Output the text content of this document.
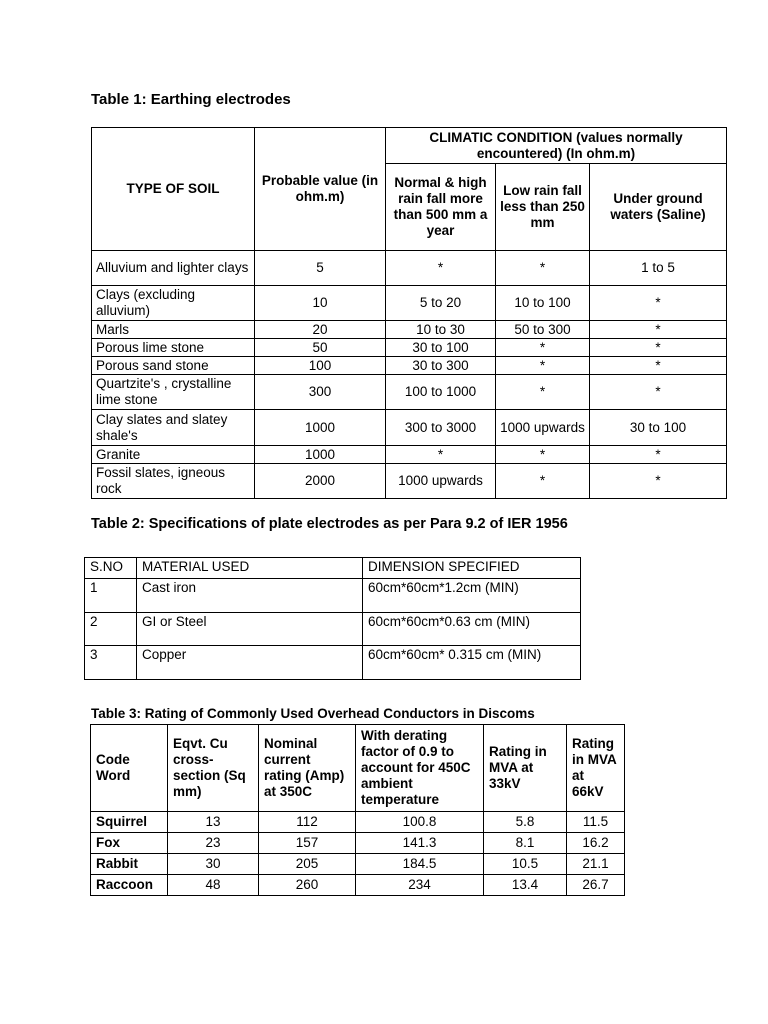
Table 1: Earthing electrodes
TYPE OF SOIL	Probable value (in ohm.m)	CLIMATIC CONDITION (values normally encountered) (In ohm.m)		
		Normal & high rain fall more than 500 mm a year	Low rain fall less than 250 mm	Under ground waters (Saline)
Alluvium and lighter clays	5	*	*	1 to 5
Clays (excluding alluvium)	10	5 to 20	10 to 100	*
Marls	20	10 to 30	50 to 300	*
Porous lime stone	50	30 to 100	*	*
Porous sand stone	100	30 to 300	*	*
Quartzite's , crystalline lime stone	300	100 to 1000	*	*
Clay slates and slatey shale's	1000	300 to 3000	1000 upwards	30 to 100
Granite	1000	*	*	*
Fossil slates, igneous rock	2000	1000 upwards	*	*
Table 2: Specifications of plate electrodes as per Para 9.2 of IER 1956
S.NO	MATERIAL USED	DIMENSION SPECIFIED
1	Cast iron	60cm*60cm*1.2cm (MIN)
2	GI or Steel	60cm*60cm*0.63 cm (MIN)
3	Copper	60cm*60cm* 0.315 cm (MIN)
Table 3: Rating of Commonly Used Overhead Conductors in Discoms
Code Word	Eqvt. Cu cross-section (Sq mm)	Nominal current rating (Amp) at 350C	With derating factor of 0.9 to account for 450C ambient temperature	Rating in MVA at 33kV	Rating in MVA at 66kV
Squirrel	13	112	100.8	5.8	11.5
Fox	23	157	141.3	8.1	16.2
Rabbit	30	205	184.5	10.5	21.1
Raccoon	48	260	234	13.4	26.7
